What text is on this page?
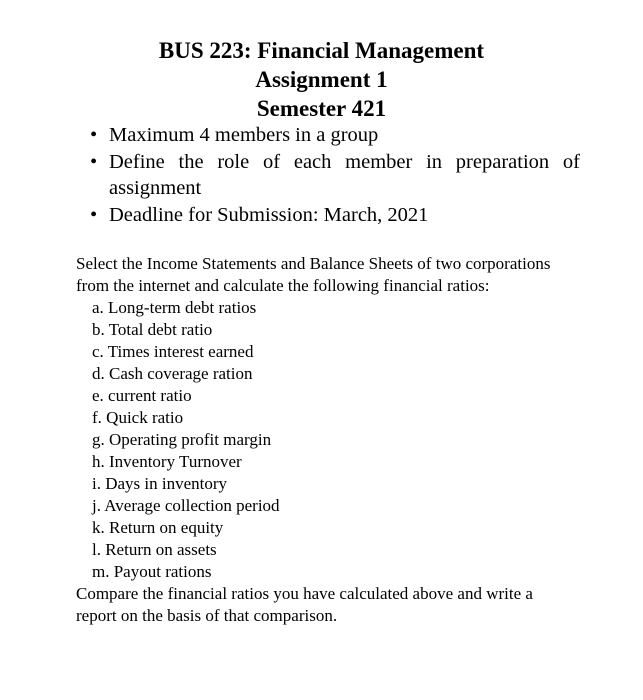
BUS 223: Financial Management
Assignment 1
Semester 421
• Maximum 4 members in a group
• Define the role of each member in preparation of assignment
• Deadline for Submission: March, 2021

Select the Income Statements and Balance Sheets of two corporations from the internet and calculate the following financial ratios:

a. Long-term debt ratios
b. Total debt ratio
c. Times interest earned
d. Cash coverage ration
e. current ratio
f. Quick ratio
g. Operating profit margin
h. Inventory Turnover
i. Days in inventory
j. Average collection period
k. Return on equity
l. Return on assets
m. Payout rations

Compare the financial ratios you have calculated above and write a report on the basis of that comparison.
